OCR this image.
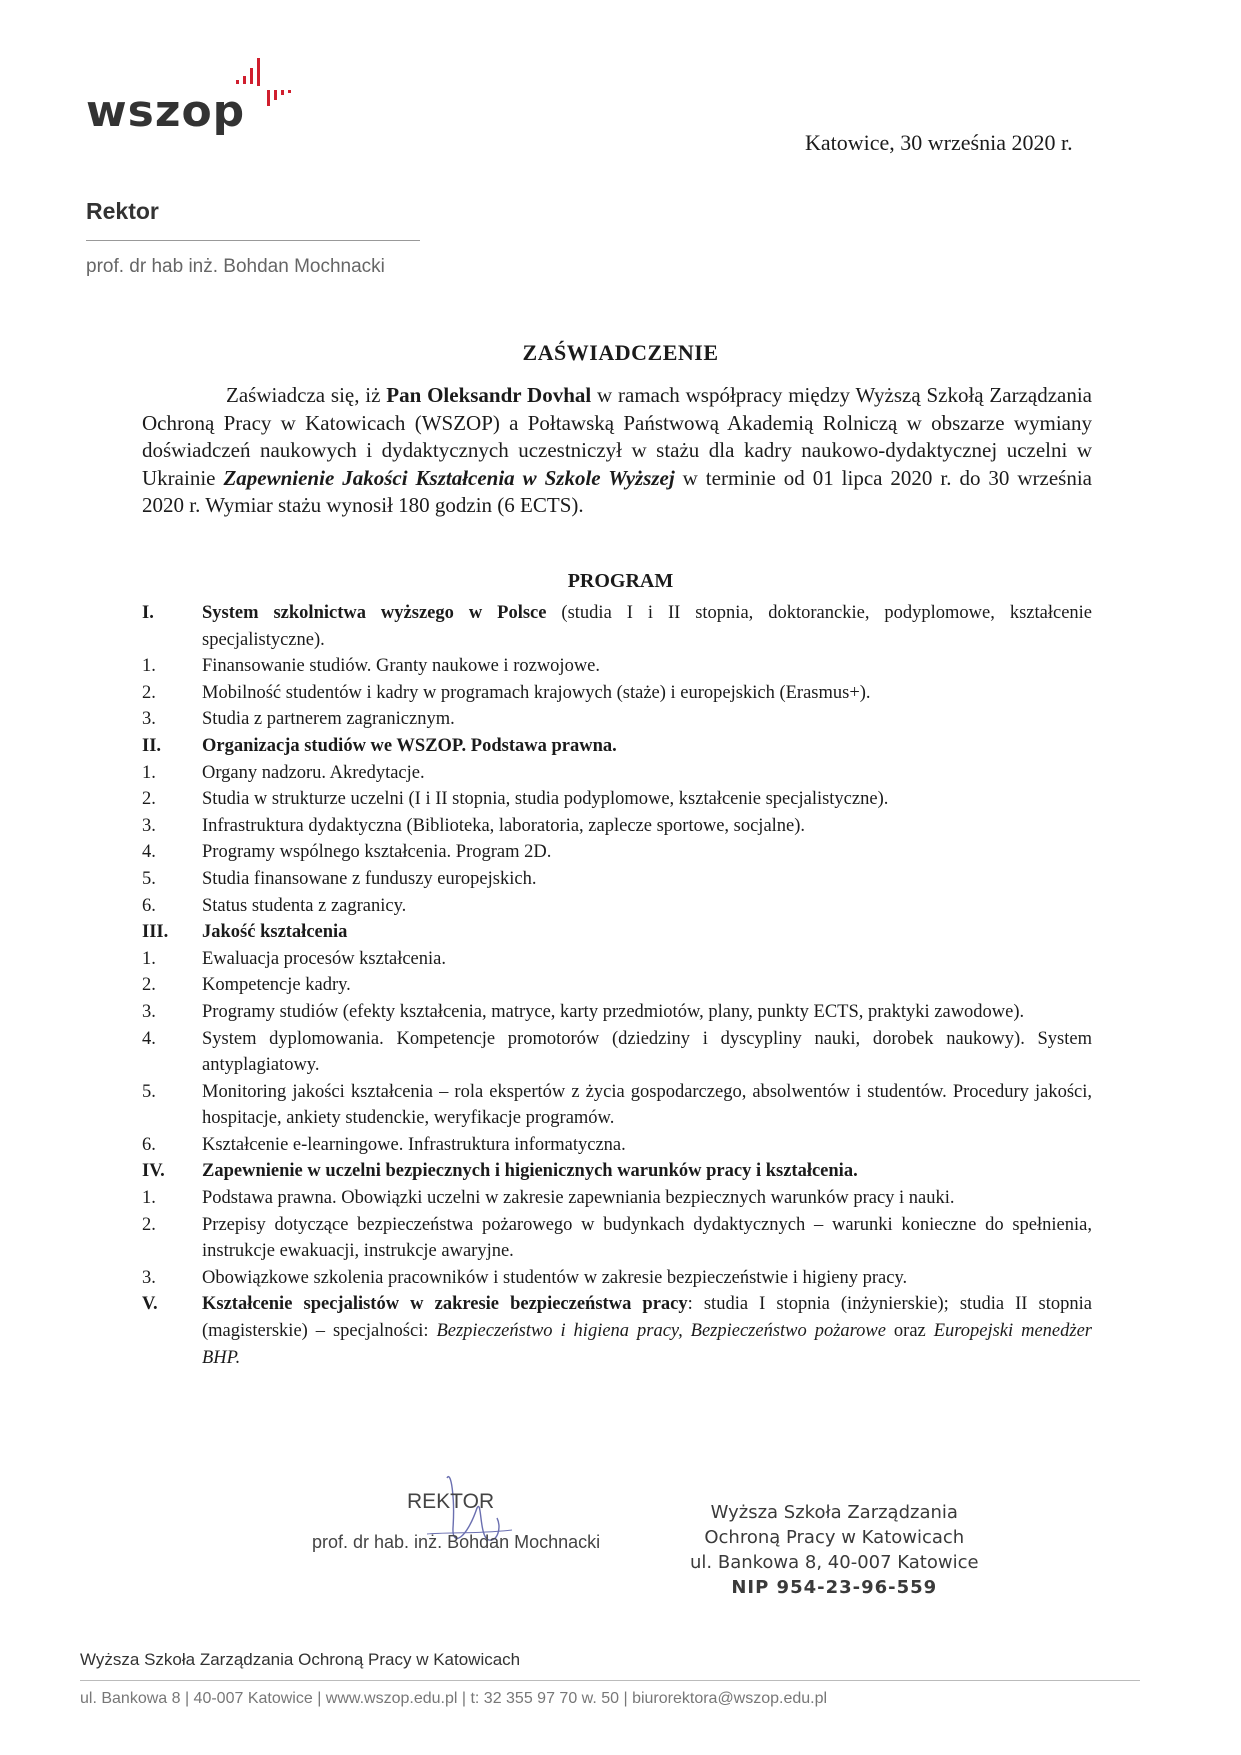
wszop
Katowice, 30 września 2020 r.
Rektor
prof. dr hab inż. Bohdan Mochnacki
ZAŚWIADCZENIE
Zaświadcza się, iż Pan Oleksandr Dovhal w ramach współpracy między Wyższą Szkołą Zarządzania Ochroną Pracy w Katowicach (WSZOP) a Połtawską Państwową Akademią Rolniczą w obszarze wymiany doświadczeń naukowych i dydaktycznych uczestniczył w stażu dla kadry naukowo-dydaktycznej uczelni w Ukrainie Zapewnienie Jakości Kształcenia w Szkole Wyższej w terminie od 01 lipca 2020 r. do 30 września 2020 r. Wymiar stażu wynosił 180 godzin (6 ECTS).
PROGRAM
I.	System szkolnictwa wyższego w Polsce (studia I i II stopnia, doktoranckie, podyplomowe, kształcenie specjalistyczne).
1.	Finansowanie studiów. Granty naukowe i rozwojowe.
2.	Mobilność studentów i kadry w programach krajowych (staże) i europejskich (Erasmus+).
3.	Studia z partnerem zagranicznym.
II.	Organizacja studiów we WSZOP. Podstawa prawna.
1.	Organy nadzoru. Akredytacje.
2.	Studia w strukturze uczelni (I i II stopnia, studia podyplomowe, kształcenie specjalistyczne).
3.	Infrastruktura dydaktyczna (Biblioteka, laboratoria, zaplecze sportowe, socjalne).
4.	Programy wspólnego kształcenia. Program 2D.
5.	Studia finansowane z funduszy europejskich.
6.	Status studenta z zagranicy.
III.	Jakość kształcenia
1.	Ewaluacja procesów kształcenia.
2.	Kompetencje kadry.
3.	Programy studiów (efekty kształcenia, matryce, karty przedmiotów, plany, punkty ECTS, praktyki zawodowe).
4.	System dyplomowania. Kompetencje promotorów (dziedziny i dyscypliny nauki, dorobek naukowy). System antyplagiatowy.
5.	Monitoring jakości kształcenia – rola ekspertów z życia gospodarczego, absolwentów i studentów. Procedury jakości, hospitacje, ankiety studenckie, weryfikacje programów.
6.	Kształcenie e-learningowe. Infrastruktura informatyczna.
IV.	Zapewnienie w uczelni bezpiecznych i higienicznych warunków pracy i kształcenia.
1.	Podstawa prawna. Obowiązki uczelni w zakresie zapewniania bezpiecznych warunków pracy i nauki.
2.	Przepisy dotyczące bezpieczeństwa pożarowego w budynkach dydaktycznych – warunki konieczne do spełnienia, instrukcje ewakuacji, instrukcje awaryjne.
3.	Obowiązkowe szkolenia pracowników i studentów w zakresie bezpieczeństwie i higieny pracy.
V.	Kształcenie specjalistów w zakresie bezpieczeństwa pracy: studia I stopnia (inżynierskie); studia II stopnia (magisterskie) – specjalności: Bezpieczeństwo i higiena pracy, Bezpieczeństwo pożarowe oraz Europejski menedżer BHP.
REKTOR
prof. dr hab. inż. Bohdan Mochnacki
Wyższa Szkoła Zarządzania
Ochroną Pracy w Katowicach
ul. Bankowa 8, 40-007 Katowice
NIP 954-23-96-559
Wyższa Szkoła Zarządzania Ochroną Pracy w Katowicach
ul. Bankowa 8 | 40-007 Katowice | www.wszop.edu.pl | t: 32 355 97 70 w. 50 | biurorektora@wszop.edu.pl
